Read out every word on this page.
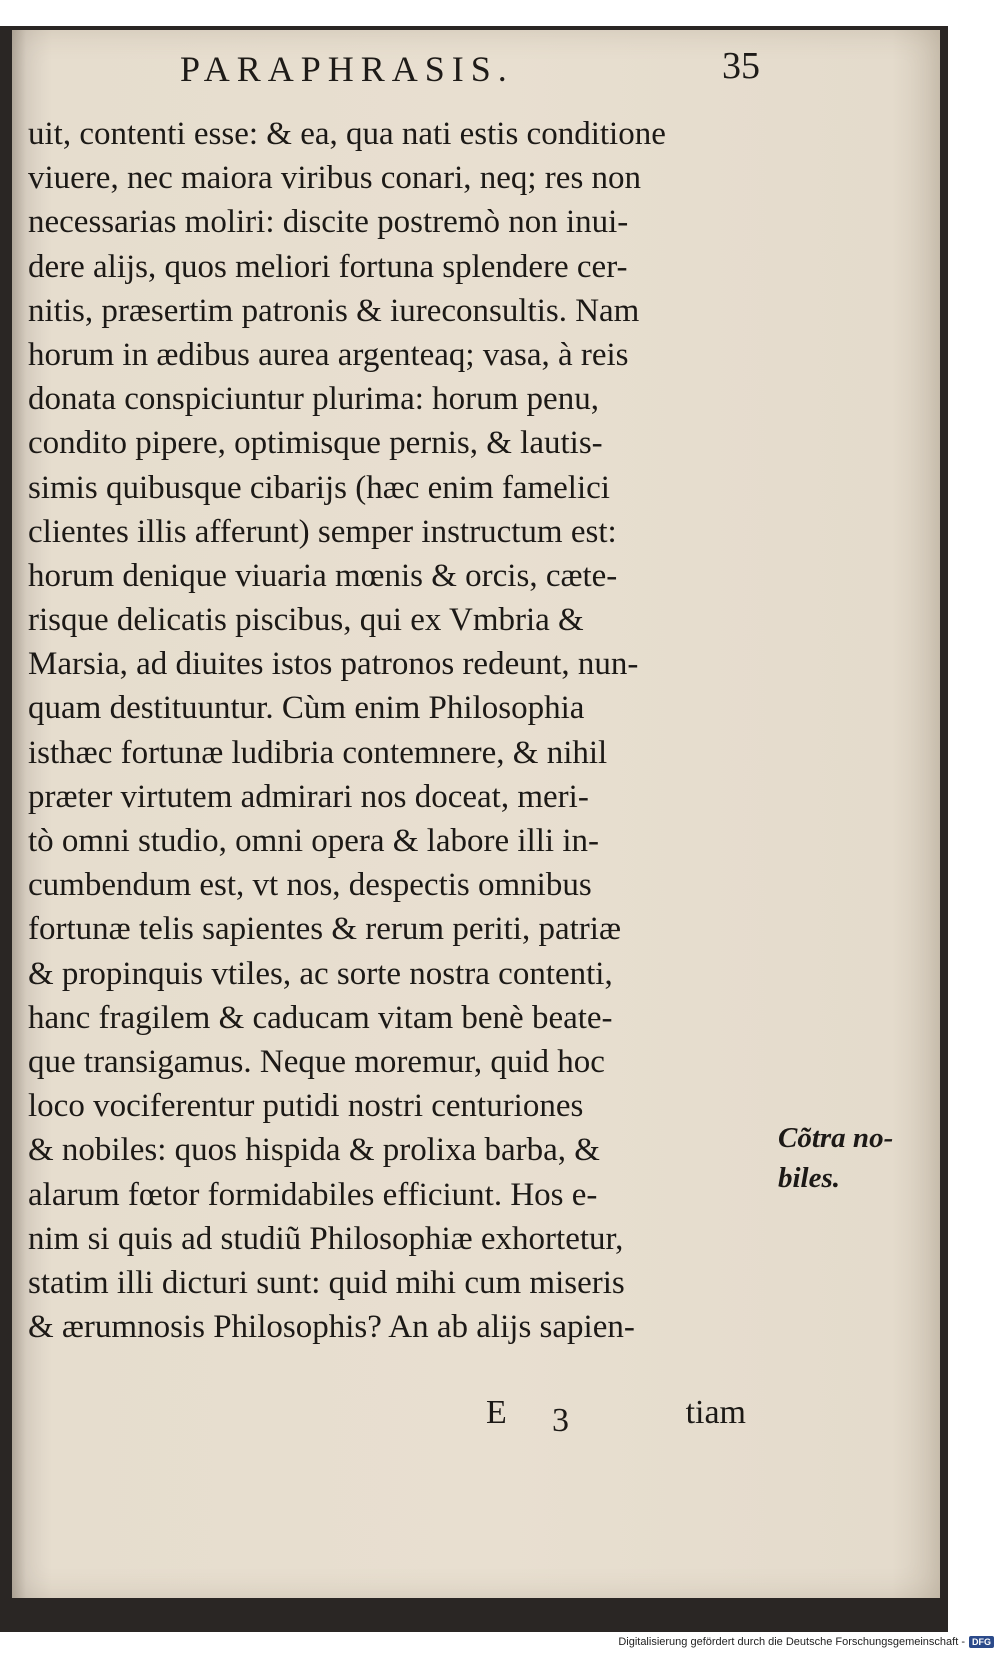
PARAPHRASIS.	35
uit, contenti esse: & ea, qua nati estis conditione
viuere, nec maiora viribus conari, neq; res non
necessarias moliri: discite postremò non inui-
dere alijs, quos meliori fortuna splendere cer-
nitis, præsertim patronis & iureconsultis. Nam
horum in ædibus aurea argenteaq; vasa, à reis
donata conspiciuntur plurima: horum penu,
condito pipere, optimisque pernis, & lautis-
simis quibusque cibarijs (hæc enim famelici
clientes illis afferunt) semper instructum est:
horum denique viuaria mœnis & orcis, cæte-
risque delicatis piscibus, qui ex Vmbria &
Marsia, ad diuites istos patronos redeunt, nun-
quam destituuntur. Cùm enim Philosophia
isthæc fortunæ ludibria contemnere, & nihil
præter virtutem admirari nos doceat, meri-
tò omni studio, omni opera & labore illi in-
cumbendum est, vt nos, despectis omnibus
fortunæ telis sapientes & rerum periti, patriæ
& propinquis vtiles, ac sorte nostra contenti,
hanc fragilem & caducam vitam benè beate-
que transigamus. Neque moremur, quid hoc
loco vociferentur putidi nostri centuriones
& nobiles: quos hispida & prolixa barba, &
alarum fœtor formidabiles efficiunt. Hos e-
nim si quis ad studiũ Philosophiæ exhortetur,
statim illi dicturi sunt: quid mihi cum miseris
& ærumnosis Philosophis? An ab alijs sapien-
E 3	tiam
Cõtra no-
biles.
Digitalisierung gefördert durch die Deutsche Forschungsgemeinschaft - DFG
